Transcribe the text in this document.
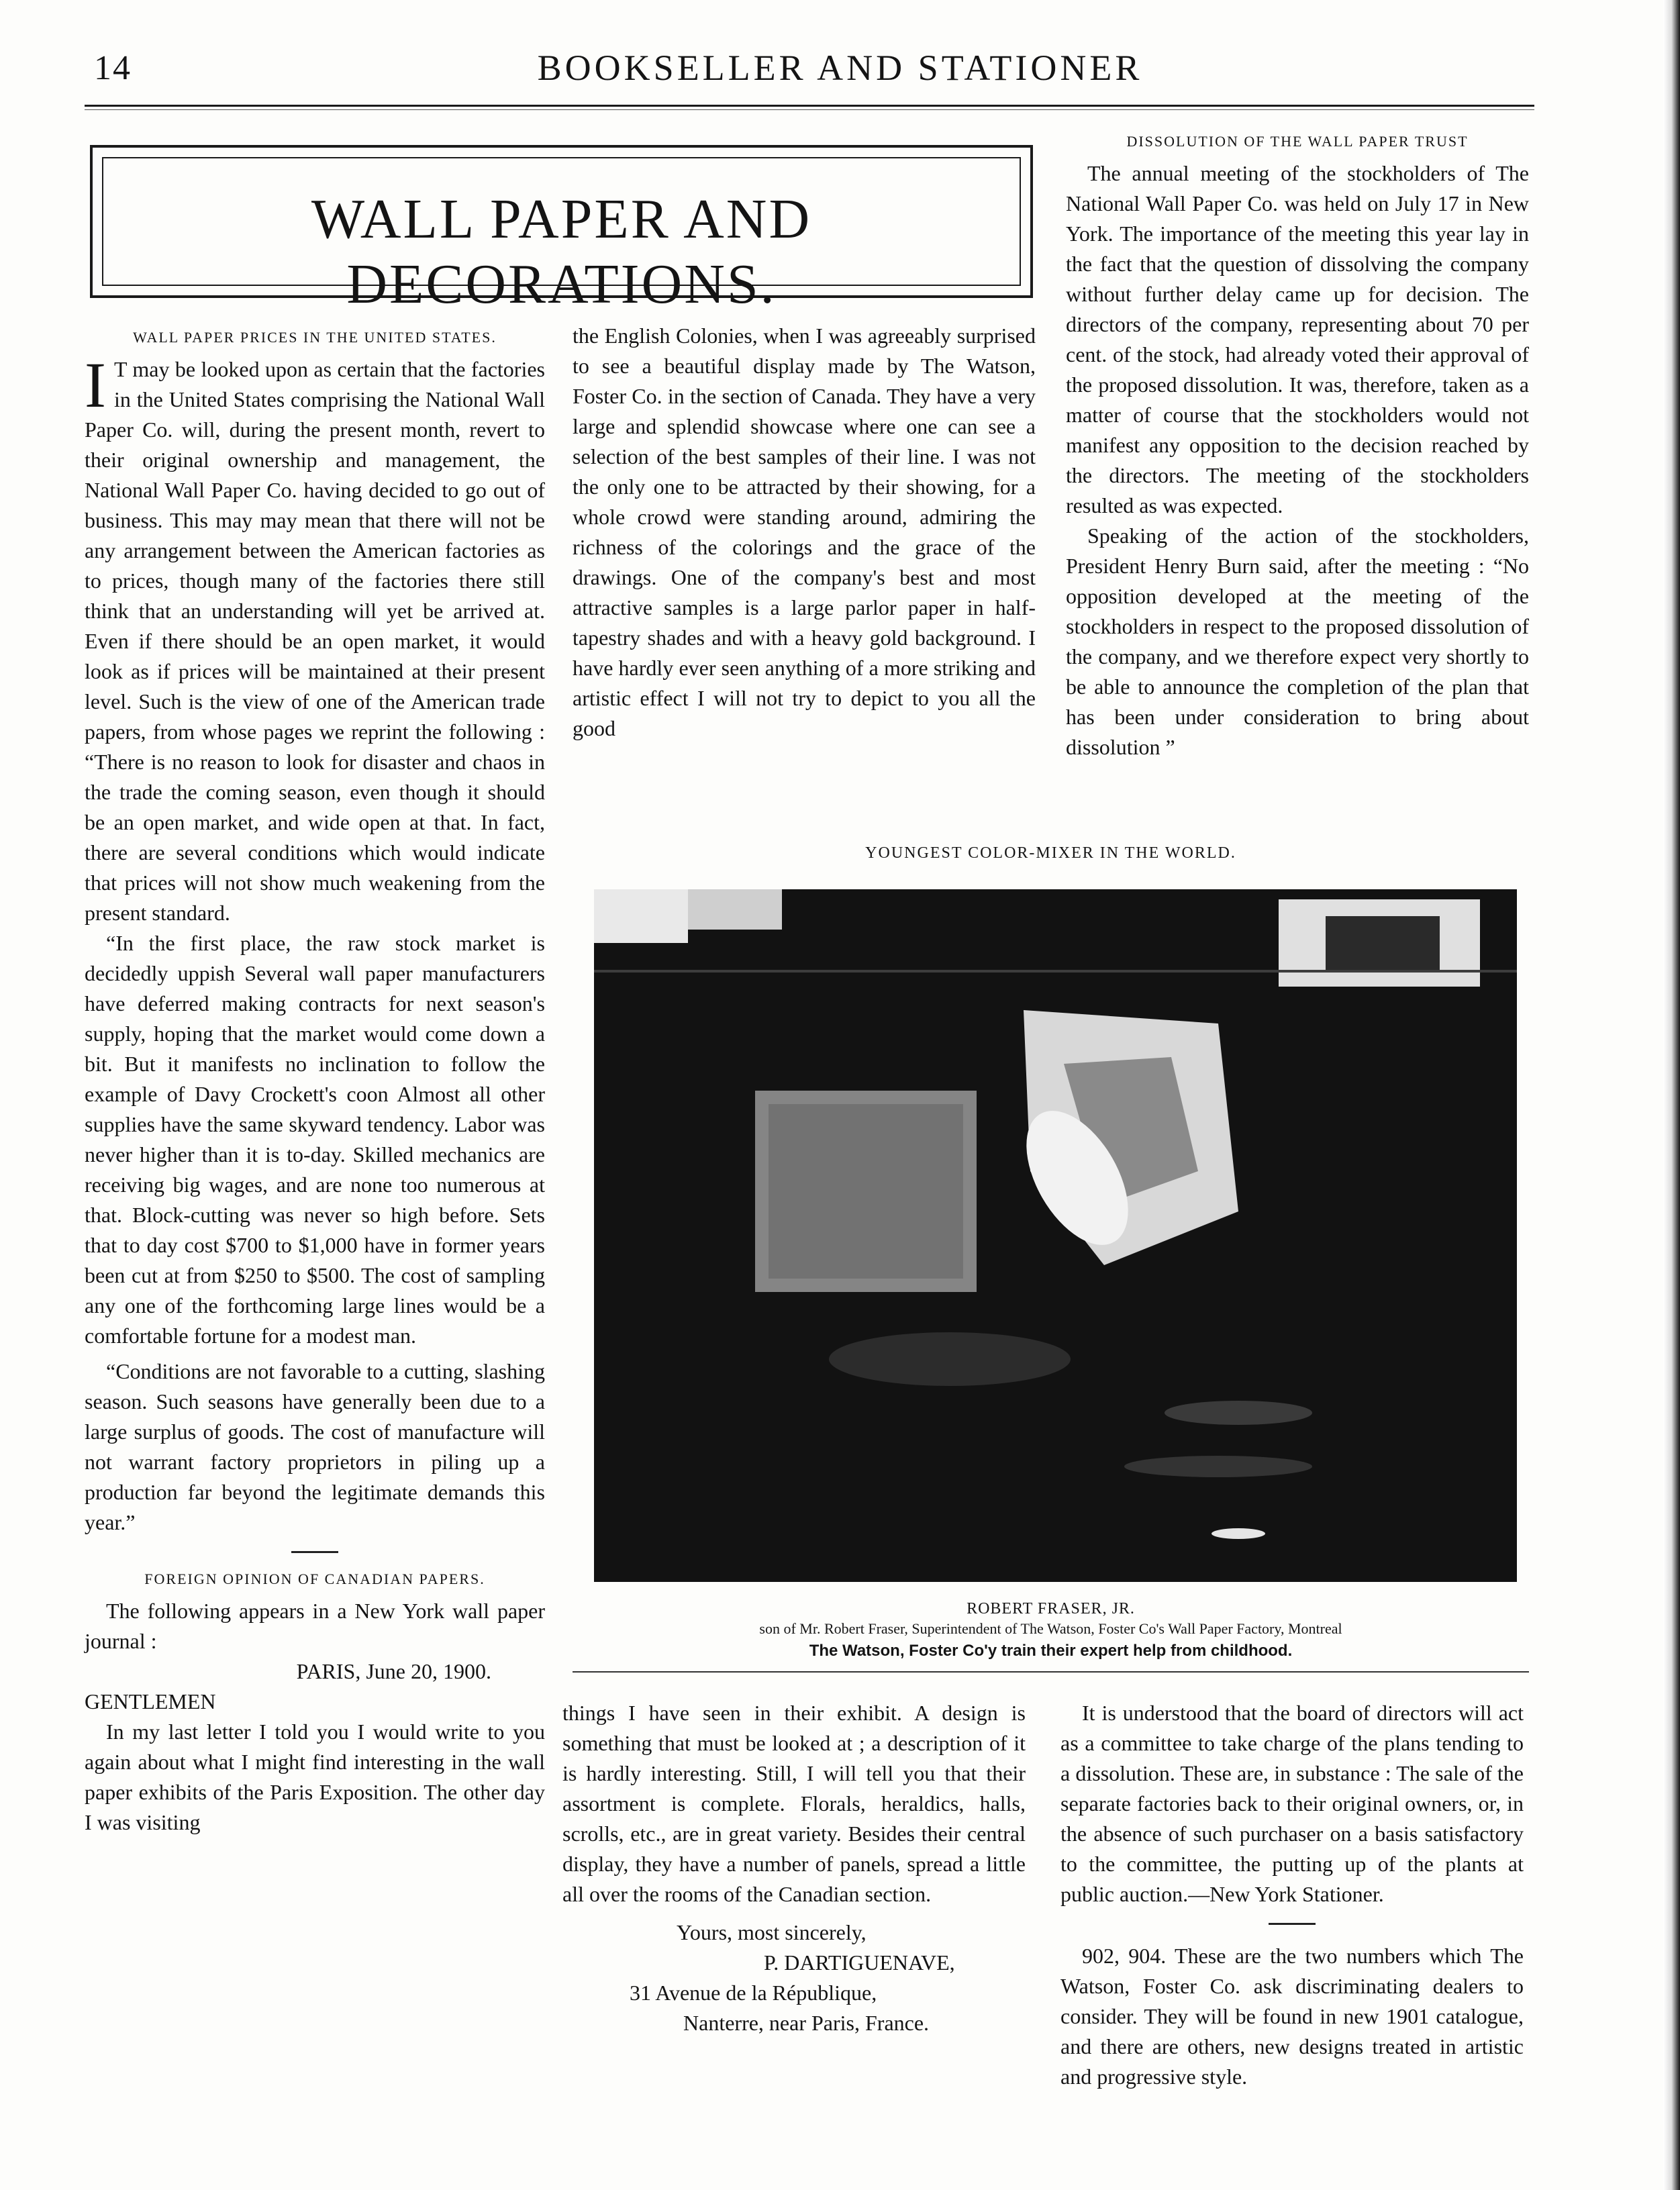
14	BOOKSELLER AND STATIONER
WALL PAPER AND DECORATIONS.
WALL PAPER PRICES IN THE UNITED STATES.

I T may be looked upon as certain that the factories in the United States comprising the National Wall Paper Co. will, during the present month, revert to their original ownership and management, the National Wall Paper Co. having decided to go out of business. This may may mean that there will not be any arrangement between the American factories as to prices, though many of the factories there still think that an understanding will yet be arrived at. Even if there should be an open market, it would look as if prices will be maintained at their present level. Such is the view of one of the American trade papers, from whose pages we reprint the following : “There is no reason to look for disaster and chaos in the trade the coming season, even though it should be an open market, and wide open at that. In fact, there are several conditions which would indicate that prices will not show much weakening from the present standard.

“In the first place, the raw stock market is decidedly uppish Several wall paper manufacturers have deferred making contracts for next season's supply, hoping that the market would come down a bit. But it manifests no inclination to follow the example of Davy Crockett's coon Almost all other supplies have the same skyward tendency. Labor was never higher than it is to-day. Skilled mechanics are receiving big wages, and are none too numerous at that. Block-cutting was never so high before. Sets that to day cost $700 to $1,000 have in former years been cut at from $250 to $500. The cost of sampling any one of the forthcoming large lines would be a comfortable fortune for a modest man.

“Conditions are not favorable to a cutting, slashing season. Such seasons have generally been due to a large surplus of goods. The cost of manufacture will not warrant factory proprietors in piling up a production far beyond the legitimate demands this year.”

FOREIGN OPINION OF CANADIAN PAPERS.

The following appears in a New York wall paper journal :

PARIS, June 20, 1900.

GENTLEMEN

In my last letter I told you I would write to you again about what I might find interesting in the wall paper exhibits of the Paris Exposition. The other day I was visiting

the English Colonies, when I was agreeably surprised to see a beautiful display made by The Watson, Foster Co. in the section of Canada. They have a very large and splendid showcase where one can see a selection of the best samples of their line. I was not the only one to be attracted by their showing, for a whole crowd were standing around, admiring the richness of the colorings and the grace of the drawings. One of the company's best and most attractive samples is a large parlor paper in half-tapestry shades and with a heavy gold background. I have hardly ever seen anything of a more striking and artistic effect I will not try to depict to you all the good

DISSOLUTION OF THE WALL PAPER TRUST

The annual meeting of the stockholders of The National Wall Paper Co. was held on July 17 in New York. The importance of the meeting this year lay in the fact that the question of dissolving the company without further delay came up for decision. The directors of the company, representing about 70 per cent. of the stock, had already voted their approval of the proposed dissolution. It was, therefore, taken as a matter of course that the stockholders would not manifest any opposition to the decision reached by the directors. The meeting of the stockholders resulted as was expected.

Speaking of the action of the stockholders, President Henry Burn said, after the meeting : “No opposition developed at the meeting of the stockholders in respect to the proposed dissolution of the company, and we therefore expect very shortly to be able to announce the completion of the plan that has been under consideration to bring about dissolution ”

YOUNGEST COLOR-MIXER IN THE WORLD.
ROBERT FRASER, JR.
son of Mr. Robert Fraser, Superintendent of The Watson, Foster Co's Wall Paper Factory, Montreal
The Watson, Foster Co'y train their expert help from childhood.

things I have seen in their exhibit. A design is something that must be looked at ; a description of it is hardly interesting. Still, I will tell you that their assortment is complete. Florals, heraldics, halls, scrolls, etc., are in great variety. Besides their central display, they have a number of panels, spread a little all over the rooms of the Canadian section.

Yours, most sincerely,

P. DARTIGUENAVE,

31 Avenue de la République,

Nanterre, near Paris, France.

It is understood that the board of directors will act as a committee to take charge of the plans tending to a dissolution. These are, in substance : The sale of the separate factories back to their original owners, or, in the absence of such purchaser on a basis satisfactory to the committee, the putting up of the plants at public auction.—New York Stationer.

902, 904. These are the two numbers which The Watson, Foster Co. ask discriminating dealers to consider. They will be found in new 1901 catalogue, and there are others, new designs treated in artistic and progressive style.
